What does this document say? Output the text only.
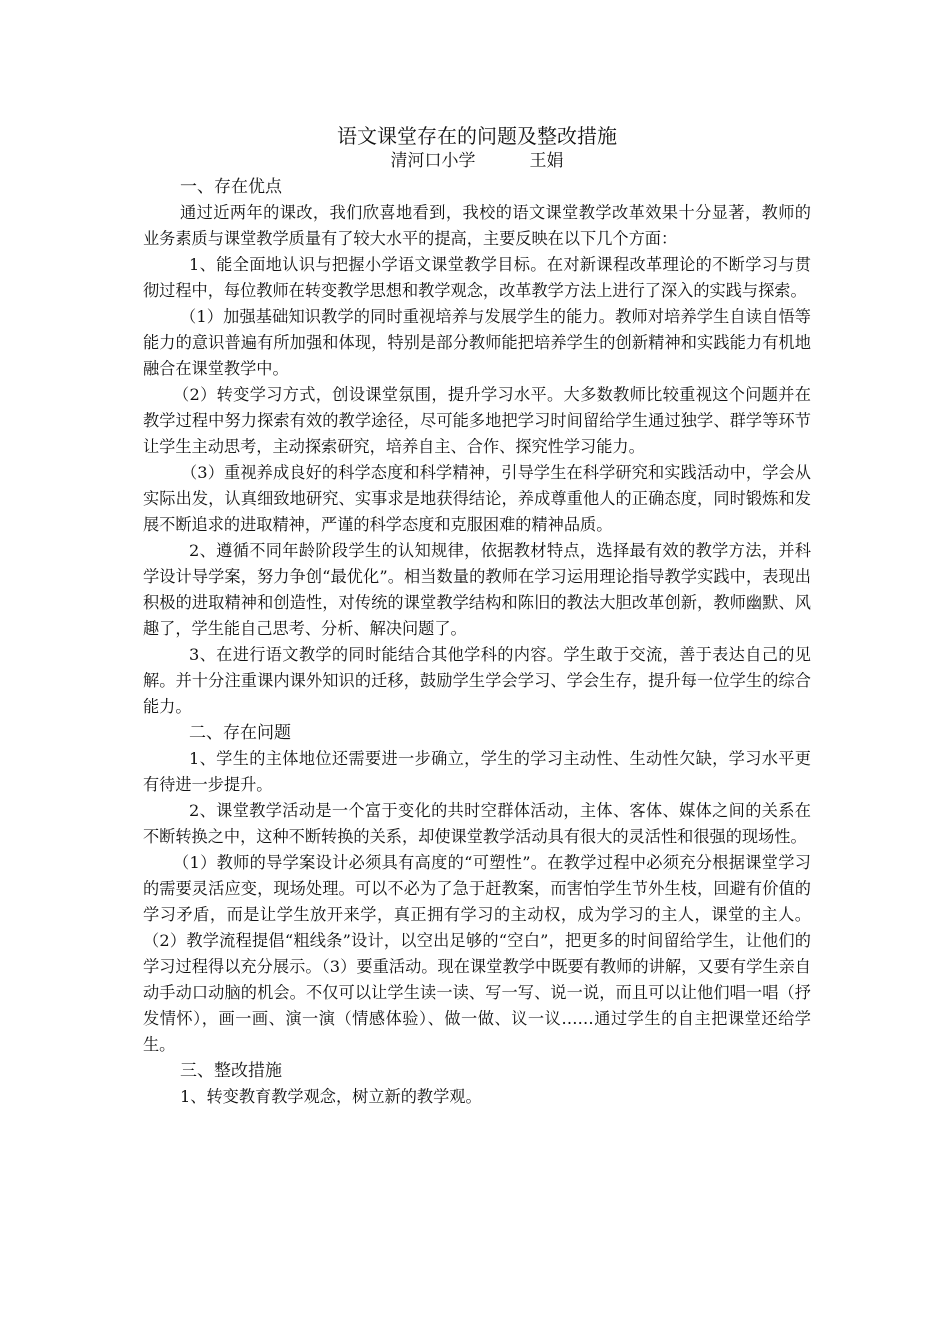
语文课堂存在的问题及整改措施
清河口小学          王娟
一、存在优点

通过近两年的课改，我们欣喜地看到，我校的语文课堂教学改革效果十分显著，教师的业务素质与课堂教学质量有了较大水平的提高，主要反映在以下几个方面：

1、能全面地认识与把握小学语文课堂教学目标。在对新课程改革理论的不断学习与贯彻过程中，每位教师在转变教学思想和教学观念，改革教学方法上进行了深入的实践与探索。

（1）加强基础知识教学的同时重视培养与发展学生的能力。教师对培养学生自读自悟等能力的意识普遍有所加强和体现，特别是部分教师能把培养学生的创新精神和实践能力有机地融合在课堂教学中。

（2）转变学习方式，创设课堂氛围，提升学习水平。大多数教师比较重视这个问题并在教学过程中努力探索有效的教学途径，尽可能多地把学习时间留给学生通过独学、群学等环节让学生主动思考，主动探索研究，培养自主、合作、探究性学习能力。

（3）重视养成良好的科学态度和科学精神，引导学生在科学研究和实践活动中，学会从实际出发，认真细致地研究、实事求是地获得结论，养成尊重他人的正确态度，同时锻炼和发展不断追求的进取精神，严谨的科学态度和克服困难的精神品质。

2、遵循不同年龄阶段学生的认知规律，依据教材特点，选择最有效的教学方法，并科学设计导学案，努力争创“最优化”。相当数量的教师在学习运用理论指导教学实践中，表现出积极的进取精神和创造性，对传统的课堂教学结构和陈旧的教法大胆改革创新，教师幽默、风趣了，学生能自己思考、分析、解决问题了。

3、在进行语文教学的同时能结合其他学科的内容。学生敢于交流，善于表达自己的见解。并十分注重课内课外知识的迁移，鼓励学生学会学习、学会生存，提升每一位学生的综合能力。

二、存在问题

1、学生的主体地位还需要进一步确立，学生的学习主动性、生动性欠缺，学习水平更有待进一步提升。

2、课堂教学活动是一个富于变化的共时空群体活动，主体、客体、媒体之间的关系在不断转换之中，这种不断转换的关系，却使课堂教学活动具有很大的灵活性和很强的现场性。

（1）教师的导学案设计必须具有高度的“可塑性”。在教学过程中必须充分根据课堂学习的需要灵活应变，现场处理。可以不必为了急于赶教案，而害怕学生节外生枝，回避有价值的学习矛盾，而是让学生放开来学，真正拥有学习的主动权，成为学习的主人，课堂的主人。（2）教学流程提倡“粗线条”设计，以空出足够的“空白”，把更多的时间留给学生，让他们的学习过程得以充分展示。（3）要重活动。现在课堂教学中既要有教师的讲解，又要有学生亲自动手动口动脑的机会。不仅可以让学生读一读、写一写、说一说，而且可以让他们唱一唱（抒发情怀），画一画、演一演（情感体验）、做一做、议一议……通过学生的自主把课堂还给学生。

三、整改措施

1、转变教育教学观念，树立新的教学观。
